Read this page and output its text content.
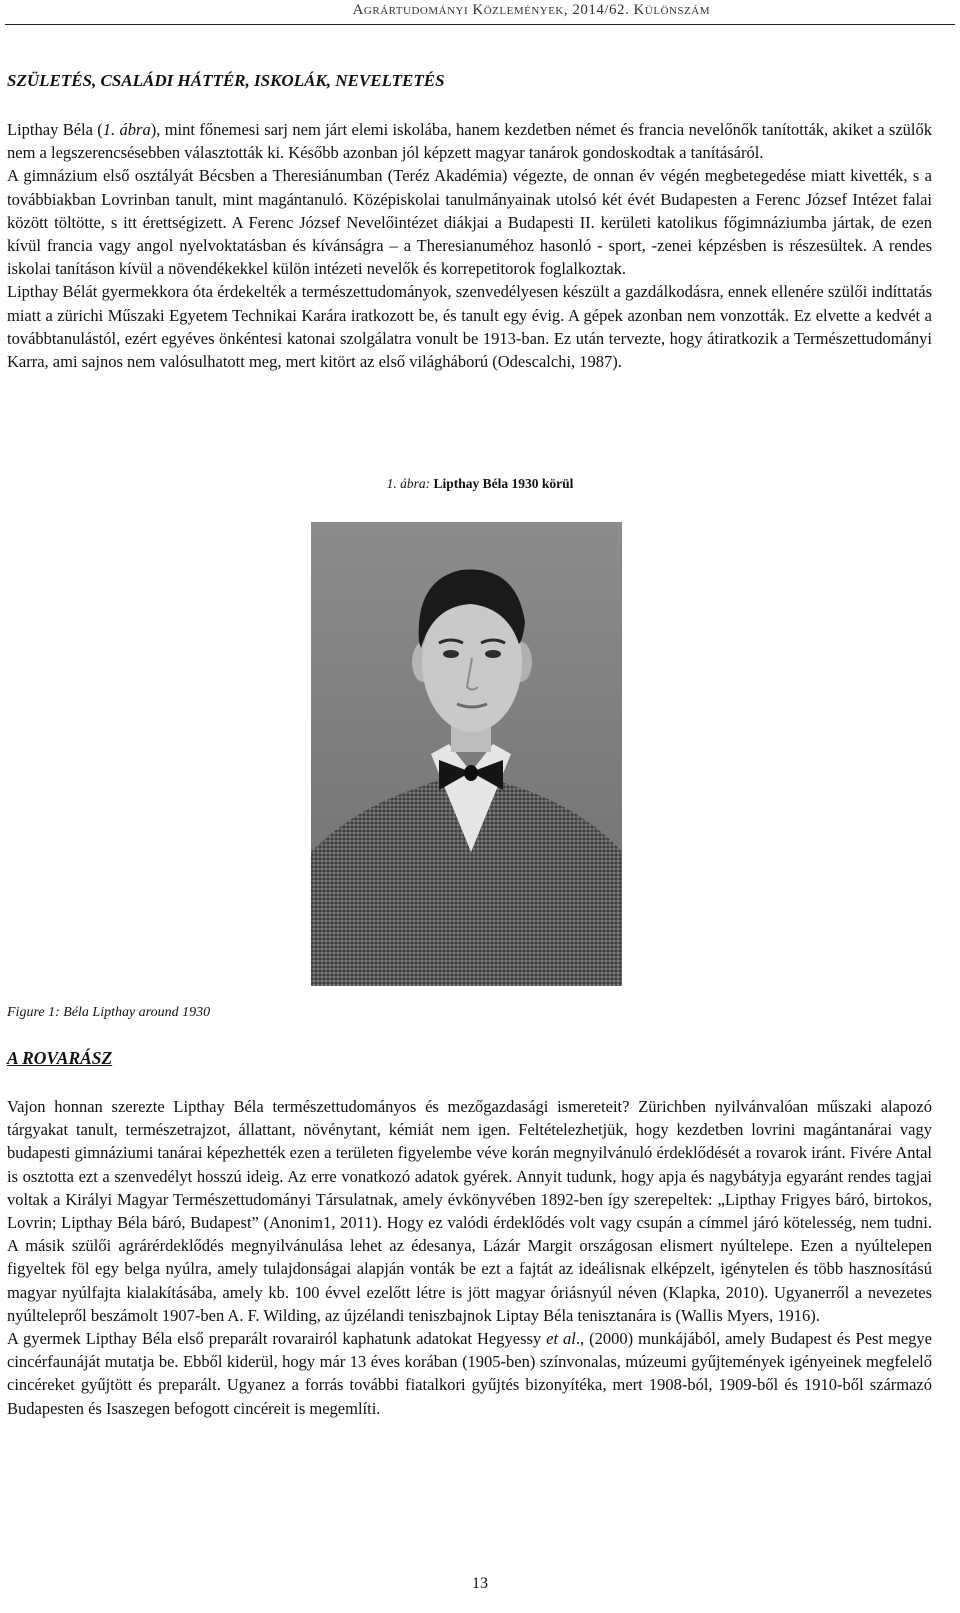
Agrártudományi Közlemények, 2014/62. Különszám
SZÜLETÉS, CSALÁDI HÁTTÉR, ISKOLÁK, NEVELTETÉS

Lipthay Béla (1. ábra), mint főnemesi sarj nem járt elemi iskolába, hanem kezdetben német és francia nevelőnők tanították, akiket a szülők nem a legszerencsésebben választották ki. Később azonban jól képzett magyar tanárok gondoskodtak a tanításáról.

A gimnázium első osztályát Bécsben a Theresiánumban (Teréz Akadémia) végezte, de onnan év végén megbetegedése miatt kivették, s a továbbiakban Lovrinban tanult, mint magántanuló. Középiskolai tanulmányainak utolsó két évét Budapesten a Ferenc József Intézet falai között töltötte, s itt érettségizett. A Ferenc József Nevelőintézet diákjai a Budapesti II. kerületi katolikus főgimnáziumba jártak, de ezen kívül francia vagy angol nyelvoktatásban és kívánságra – a Theresianuméhoz hasonló - sport, -zenei képzésben is részesültek. A rendes iskolai tanításon kívül a növendékekkel külön intézeti nevelők és korrepetitorok foglalkoztak.

Lipthay Bélát gyermekkora óta érdekelték a természettudományok, szenvedélyesen készült a gazdálkodásra, ennek ellenére szülői indíttatás miatt a zürichi Műszaki Egyetem Technikai Karára iratkozott be, és tanult egy évig. A gépek azonban nem vonzották. Ez elvette a kedvét a továbbtanulástól, ezért egyéves önkéntesi katonai szolgálatra vonult be 1913-ban. Ez után tervezte, hogy átiratkozik a Természettudományi Karra, ami sajnos nem valósulhatott meg, mert kitört az első világháború (Odescalchi, 1987).

1. ábra: Lipthay Béla 1930 körül
Figure 1: Béla Lipthay around 1930
A ROVARÁSZ

Vajon honnan szerezte Lipthay Béla természettudományos és mezőgazdasági ismereteit? Zürichben nyilvánvalóan műszaki alapozó tárgyakat tanult, természetrajzot, állattant, növénytant, kémiát nem igen. Feltételezhetjük, hogy kezdetben lovrini magántanárai vagy budapesti gimnáziumi tanárai képezhették ezen a területen figyelembe véve korán megnyilvánuló érdeklődését a rovarok iránt. Fivére Antal is osztotta ezt a szenvedélyt hosszú ideig. Az erre vonatkozó adatok gyérek. Annyit tudunk, hogy apja és nagybátyja egyaránt rendes tagjai voltak a Királyi Magyar Természettudományi Társulatnak, amely évkönyvében 1892-ben így szerepeltek: „Lipthay Frigyes báró, birtokos, Lovrin; Lipthay Béla báró, Budapest” (Anonim1, 2011). Hogy ez valódi érdeklődés volt vagy csupán a címmel járó kötelesség, nem tudni. A másik szülői agrárérdeklődés megnyilvánulása lehet az édesanya, Lázár Margit országosan elismert nyúltelepe. Ezen a nyúltelepen figyeltek föl egy belga nyúlra, amely tulajdonságai alapján vonták be ezt a fajtát az ideálisnak elképzelt, igénytelen és több hasznosítású magyar nyúlfajta kialakításába, amely kb. 100 évvel ezelőtt létre is jött magyar óriásnyúl néven (Klapka, 2010). Ugyanerről a nevezetes nyúltelepről beszámolt 1907-ben A. F. Wilding, az újzélandi teniszbajnok Liptay Béla tenisztanára is (Wallis Myers, 1916).

A gyermek Lipthay Béla első preparált rovarairól kaphatunk adatokat Hegyessy et al., (2000) munkájából, amely Budapest és Pest megye cincérfaunáját mutatja be. Ebből kiderül, hogy már 13 éves korában (1905-ben) színvonalas, múzeumi gyűjtemények igényeinek megfelelő cincéreket gyűjtött és preparált. Ugyanez a forrás további fiatalkori gyűjtés bizonyítéka, mert 1908-ból, 1909-ből és 1910-ből származó Budapesten és Isaszegen befogott cincéreit is megemlíti.

13
